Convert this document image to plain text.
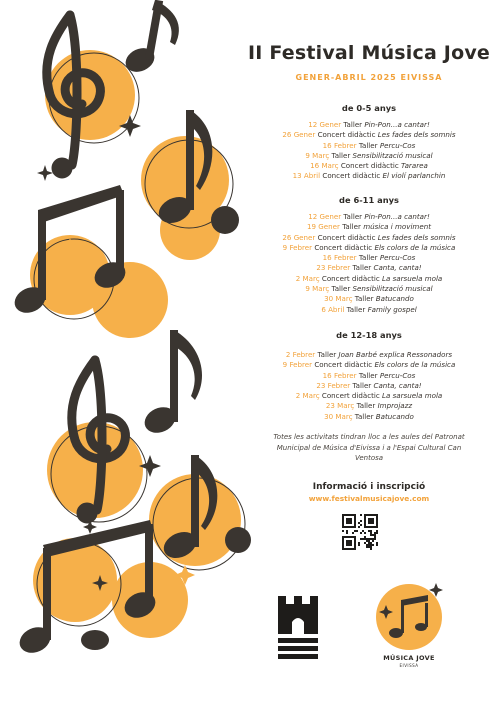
II Festival Música Jove
GENER-ABRIL 2025 EIVISSA
de 0-5 anys
12 Gener Taller Pin-Pon...a cantar!
26 Gener Concert didàctic Les fades dels somnis
16 Febrer Taller Percu-Cos
9 Març Taller Sensibilització musical
16 Març Concert didàctic Tararea
13 Abril Concert didàctic El violí parlanchin
de 6-11 anys
12 Gener Taller Pin-Pon...a cantar!
19 Gener Taller música i moviment
26 Gener Concert didàctic Les fades dels somnis
9 Febrer Concert didàctic Els colors de la música
16 Febrer Taller Percu-Cos
23 Febrer Taller Canta, canta!
2 Març Concert didàctic La sarsuela mola
9 Març Taller Sensibilització musical
30 Març Taller Batucando
6 Abril Taller Family gospel
de 12-18 anys
2 Febrer Taller Joan Barbé explica Ressonadors
9 Febrer Concert didàctic Els colors de la música
16 Febrer Taller Percu-Cos
23 Febrer Taller Canta, canta!
2 Març Concert didàctic La sarsuela mola
23 Març Taller Improjazz
30 Març Taller Batucando
Totes les activitats tindran lloc a les aules del Patronat Municipal de Música d'Eivissa i a l'Espai Cultural Can Ventosa
Informació i inscripció
www.festivalmusicajove.com
MÚSICA JOVE
EIVISSA
